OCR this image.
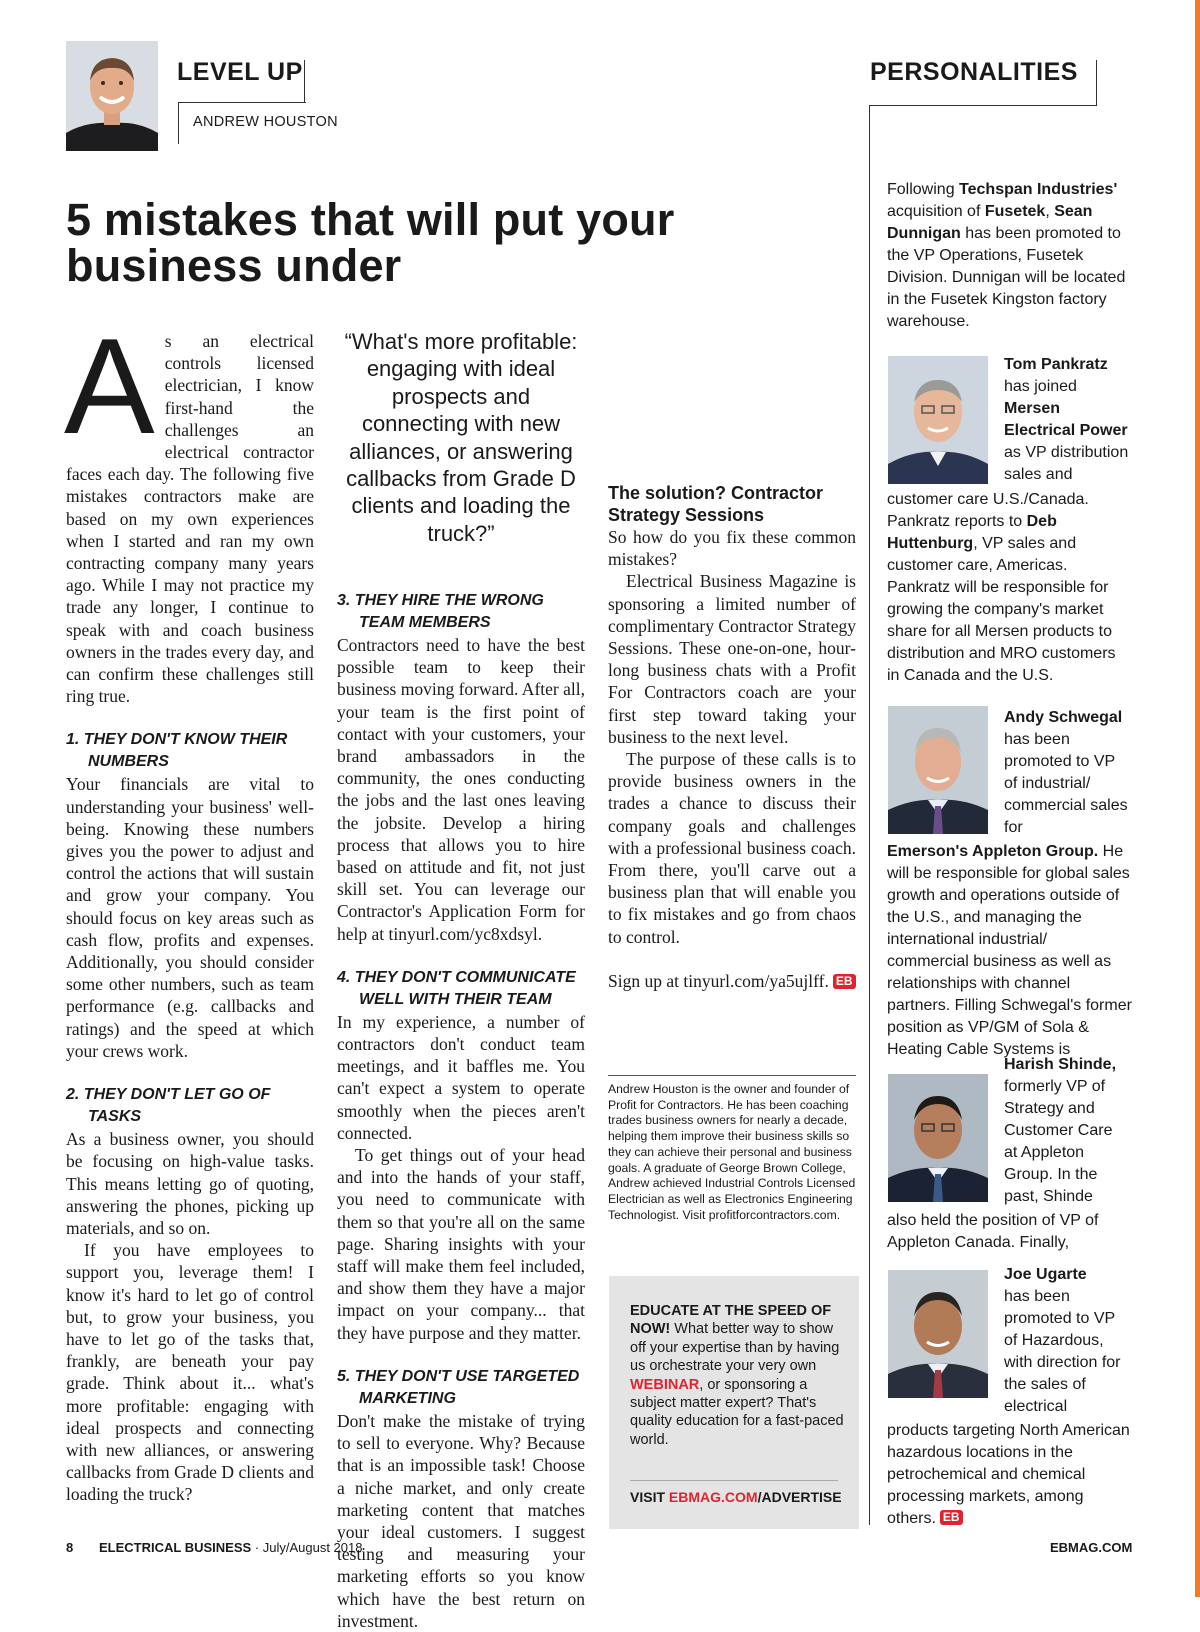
LEVEL UP
ANDREW HOUSTON
PERSONALITIES
5 mistakes that will put your business under
A s an electrical controls licensed electrician, I know first-hand the challenges an electrical contractor faces each day. The following five mistakes contractors make are based on my own experiences when I started and ran my own contracting company many years ago. While I may not practice my trade any longer, I continue to speak with and coach business owners in the trades every day, and can confirm these challenges still ring true.

1. THEY DON'T KNOW THEIR NUMBERS

Your financials are vital to understanding your business' well-being. Knowing these numbers gives you the power to adjust and control the actions that will sustain and grow your company. You should focus on key areas such as cash flow, profits and expenses. Additionally, you should consider some other numbers, such as team performance (e.g. callbacks and ratings) and the speed at which your crews work.

2. THEY DON'T LET GO OF TASKS

As a business owner, you should be focusing on high-value tasks. This means letting go of quoting, answering the phones, picking up materials, and so on.

If you have employees to support you, leverage them! I know it's hard to let go of control but, to grow your business, you have to let go of the tasks that, frankly, are beneath your pay grade. Think about it... what's more profitable: engaging with ideal prospects and connecting with new alliances, or answering callbacks from Grade D clients and loading the truck?

“What's more profitable: engaging with ideal prospects and connecting with new alliances, or answering callbacks from Grade D clients and loading the truck?”
3. THEY HIRE THE WRONG TEAM MEMBERS

Contractors need to have the best possible team to keep their business moving forward. After all, your team is the first point of contact with your customers, your brand ambassadors in the community, the ones conducting the jobs and the last ones leaving the jobsite. Develop a hiring process that allows you to hire based on attitude and fit, not just skill set. You can leverage our Contractor's Application Form for help at tinyurl.com/yc8xdsyl.

4. THEY DON'T COMMUNICATE WELL WITH THEIR TEAM

In my experience, a number of contractors don't conduct team meetings, and it baffles me. You can't expect a system to operate smoothly when the pieces aren't connected.

To get things out of your head and into the hands of your staff, you need to communicate with them so that you're all on the same page. Sharing insights with your staff will make them feel included, and show them they have a major impact on your company... that they have purpose and they matter.

5. THEY DON'T USE TARGETED MARKETING

Don't make the mistake of trying to sell to everyone. Why? Because that is an impossible task! Choose a niche market, and only create marketing content that matches your ideal customers. I suggest testing and measuring your marketing efforts so you know which have the best return on investment.

The solution? Contractor Strategy Sessions

So how do you fix these common mistakes?

Electrical Business Magazine is sponsoring a limited number of complimentary Contractor Strategy Sessions. These one-on-one, hour-long business chats with a Profit For Contractors coach are your first step toward taking your business to the next level.

The purpose of these calls is to provide business owners in the trades a chance to discuss their company goals and challenges with a professional business coach. From there, you'll carve out a business plan that will enable you to fix mistakes and go from chaos to control.

Sign up at tinyurl.com/ya5ujlff. EB

Andrew Houston is the owner and founder of Profit for Contractors. He has been coaching trades business owners for nearly a decade, helping them improve their business skills so they can achieve their personal and business goals. A graduate of George Brown College, Andrew achieved Industrial Controls Licensed Electrician as well as Electronics Engineering Technologist. Visit profitforcontractors.com.
EDUCATE AT THE SPEED OF NOW! What better way to show off your expertise than by having us orchestrate your very own WEBINAR, or sponsoring a subject matter expert? That's quality education for a fast-paced world.
VISIT EBMAG.COM/ADVERTISE

Following Techspan Industries' acquisition of Fusetek, Sean Dunnigan has been promoted to the VP Operations, Fusetek Division. Dunnigan will be located in the Fusetek Kingston factory warehouse.

Tom Pankratz
has joined
Mersen Electrical Power as VP distribution sales and

customer care U.S./Canada. Pankratz reports to Deb Huttenburg, VP sales and customer care, Americas. Pankratz will be responsible for growing the company's market share for all Mersen products to distribution and MRO customers in Canada and the U.S.

Andy Schwegal
has been promoted to VP of industrial/ commercial sales for

Emerson's Appleton Group. He will be responsible for global sales growth and operations outside of the U.S., and managing the international industrial/ commercial business as well as relationships with channel partners. Filling Schwegal's former position as VP/GM of Sola & Heating Cable Systems is

Harish Shinde,
formerly VP of Strategy and Customer Care at Appleton Group. In the past, Shinde

also held the position of VP of Appleton Canada. Finally,

Joe Ugarte
has been promoted to VP of Hazardous, with direction for the sales of electrical

products targeting North American hazardous locations in the petrochemical and chemical processing markets, among others. EB

8 ELECTRICAL BUSINESS · July/August 2018	EBMAG.COM
